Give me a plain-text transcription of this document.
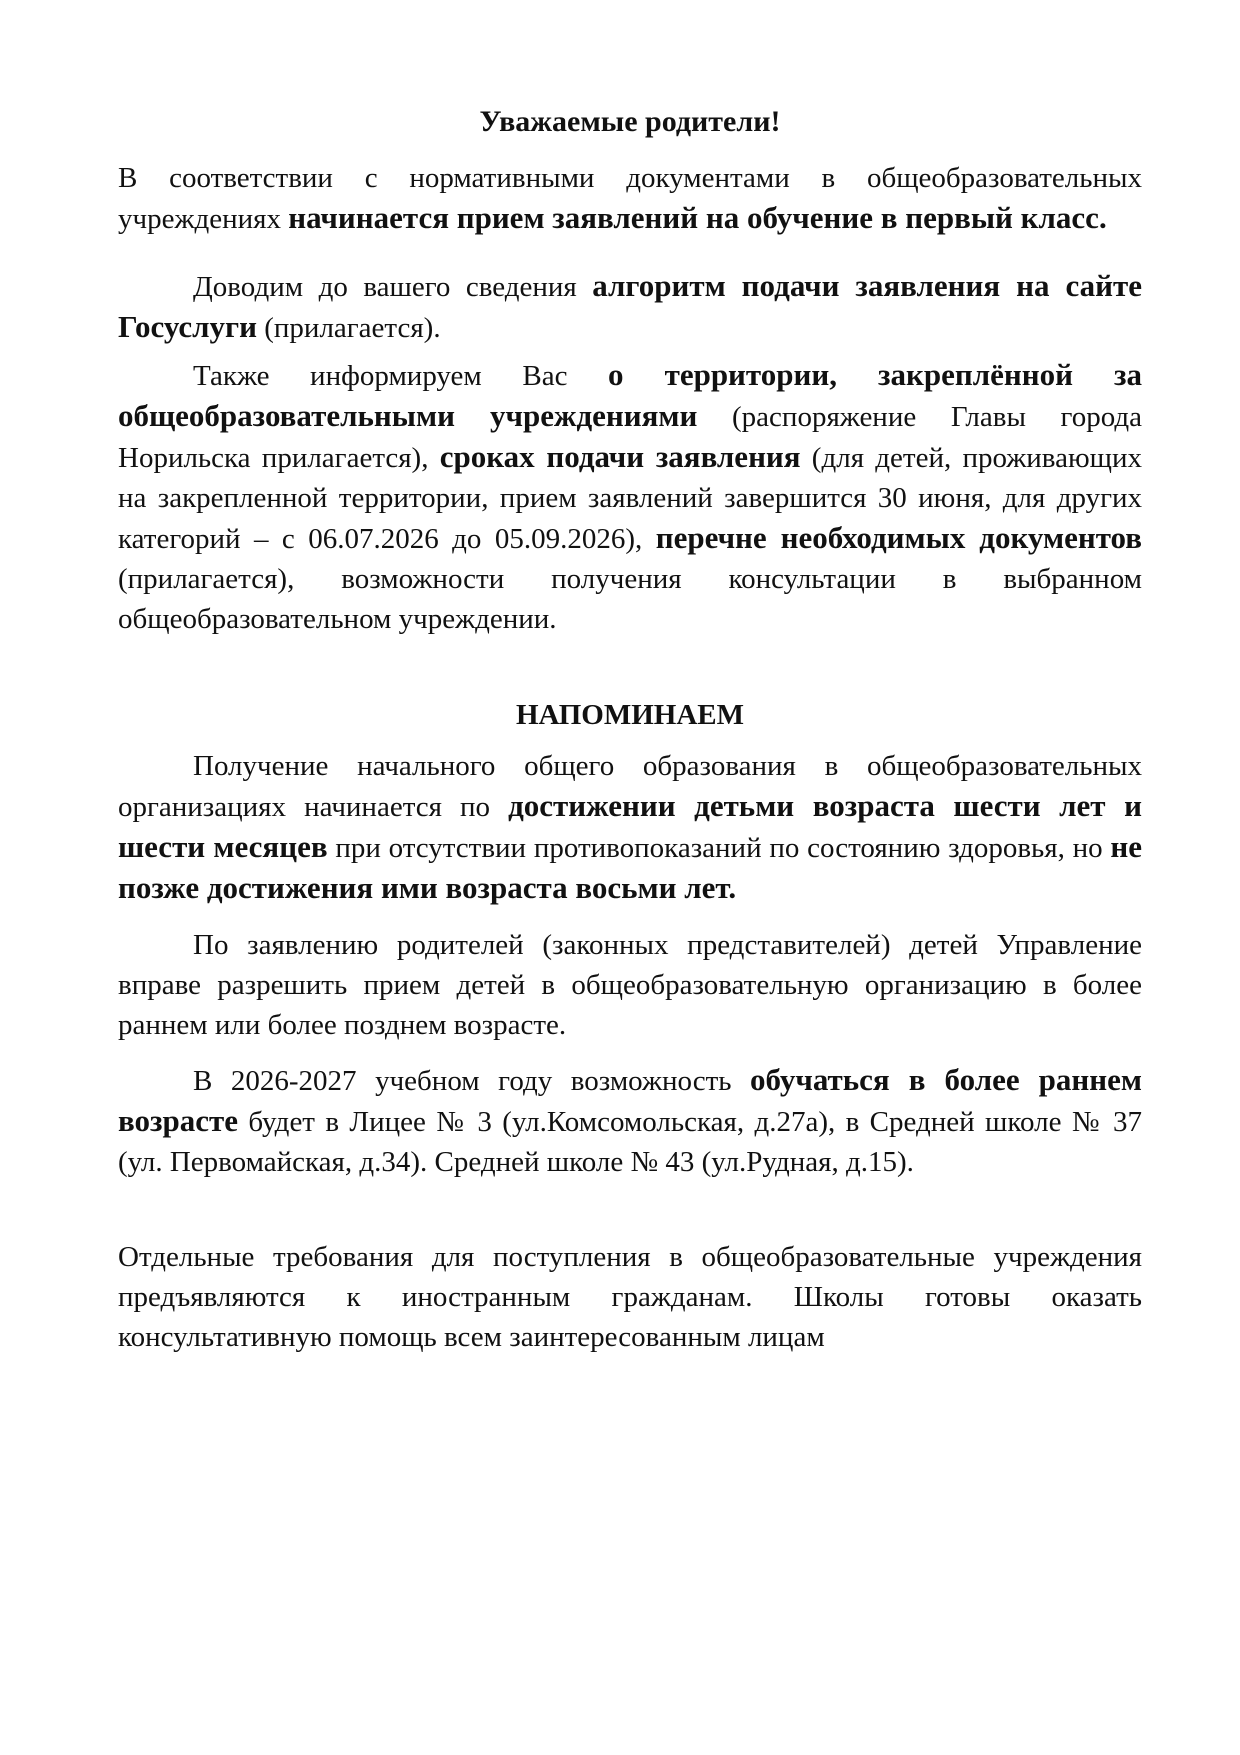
Уважаемые родители!
В соответствии с нормативными документами в общеобразовательных учреждениях начинается прием заявлений на обучение в первый класс.
Доводим до вашего сведения алгоритм подачи заявления на сайте Госуслуги (прилагается).
Также информируем Вас о территории, закреплённой за общеобразовательными учреждениями (распоряжение Главы города Норильска прилагается), сроках подачи заявления (для детей, проживающих на закрепленной территории, прием заявлений завершится 30 июня, для других категорий – с 06.07.2026 до 05.09.2026), перечне необходимых документов (прилагается), возможности получения консультации в выбранном общеобразовательном учреждении.
НАПОМИНАЕМ
Получение начального общего образования в общеобразовательных организациях начинается по достижении детьми возраста шести лет и шести месяцев при отсутствии противопоказаний по состоянию здоровья, но не позже достижения ими возраста восьми лет.
По заявлению родителей (законных представителей) детей Управление вправе разрешить прием детей в общеобразовательную организацию в более раннем или более позднем возрасте.
В 2026-2027 учебном году возможность обучаться в более раннем возрасте будет в Лицее № 3 (ул.Комсомольская, д.27а), в Средней школе № 37 (ул. Первомайская, д.34). Средней школе № 43 (ул.Рудная, д.15).
Отдельные требования для поступления в общеобразовательные учреждения предъявляются к иностранным гражданам. Школы готовы оказать консультативную помощь всем заинтересованным лицам
